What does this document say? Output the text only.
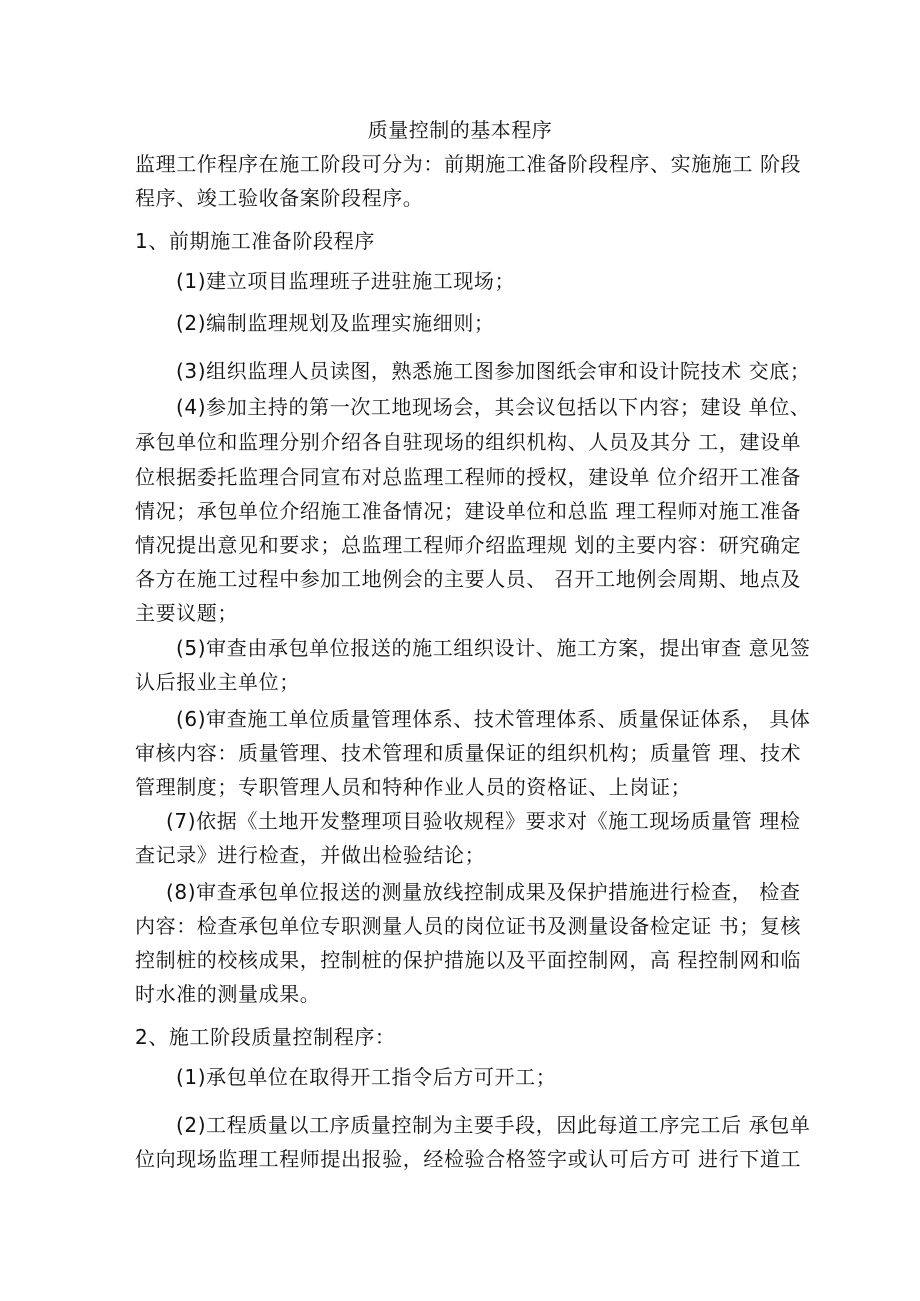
质量控制的基本程序
监理工作程序在施工阶段可分为：前期施工准备阶段程序、实施施工 阶段
程序、竣工验收备案阶段程序。
1、前期施工准备阶段程序
(1)建立项目监理班子进驻施工现场；
(2)编制监理规划及监理实施细则；
(3)组织监理人员读图，熟悉施工图参加图纸会审和设计院技术 交底；
(4)参加主持的第一次工地现场会，其会议包括以下内容；建设 单位、
承包单位和监理分别介绍各自驻现场的组织机构、人员及其分 工，建设单
位根据委托监理合同宣布对总监理工程师的授权，建设单 位介绍开工准备
情况；承包单位介绍施工准备情况；建设单位和总监 理工程师对施工准备
情况提出意见和要求；总监理工程师介绍监理规 划的主要内容：研究确定
各方在施工过程中参加工地例会的主要人员、 召开工地例会周期、地点及
主要议题；
(5)审查由承包单位报送的施工组织设计、施工方案，提出审查 意见签
认后报业主单位；
(6)审查施工单位质量管理体系、技术管理体系、质量保证体系， 具体
审核内容：质量管理、技术管理和质量保证的组织机构；质量管 理、技术
管理制度；专职管理人员和特种作业人员的资格证、上岗证；
(7)依据《土地开发整理项目验收规程》要求对《施工现场质量管 理检
查记录》进行检查，并做出检验结论；
(8)审查承包单位报送的测量放线控制成果及保护措施进行检查， 检查
内容：检查承包单位专职测量人员的岗位证书及测量设备检定证 书；复核
控制桩的校核成果，控制桩的保护措施以及平面控制网，高 程控制网和临
时水准的测量成果。
2、施工阶段质量控制程序：
(1)承包单位在取得开工指令后方可开工；
(2)工程质量以工序质量控制为主要手段，因此每道工序完工后 承包单
位向现场监理工程师提出报验，经检验合格签字或认可后方可 进行下道工
